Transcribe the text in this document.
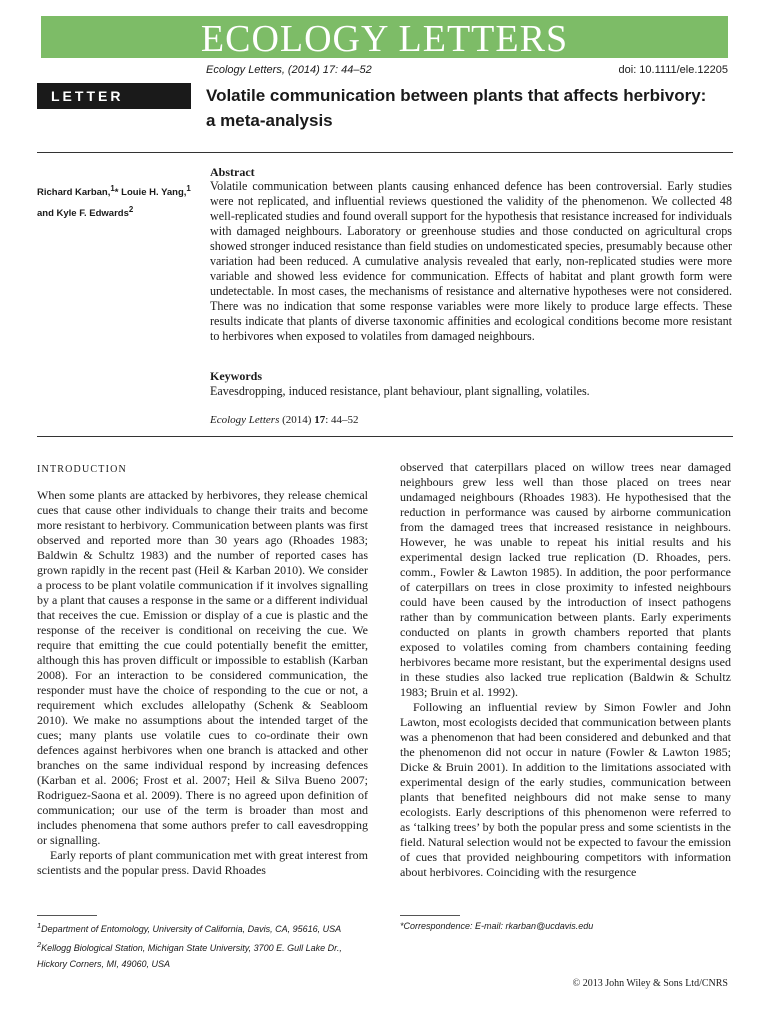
ECOLOGY LETTERS
Ecology Letters, (2014) 17: 44–52	doi: 10.1111/ele.12205
LETTER	Volatile communication between plants that affects herbivory:
a meta-analysis
Richard Karban,$^1$* Louie H. Yang,$^1$
and Kyle F. Edwards$^2$
Abstract
Volatile communication between plants causing enhanced defence has been controversial. Early studies were not replicated, and influential reviews questioned the validity of the phenomenon. We collected 48 well-replicated studies and found overall support for the hypothesis that resistance increased for individuals with damaged neighbours. Laboratory or greenhouse studies and those conducted on agricultural crops showed stronger induced resistance than field studies on undomesticated species, presumably because other variation had been reduced. A cumulative analysis revealed that early, non-replicated studies were more variable and showed less evidence for communication. Effects of habitat and plant growth form were undetectable. In most cases, the mechanisms of resistance and alternative hypotheses were not considered. There was no indication that some response variables were more likely to produce large effects. These results indicate that plants of diverse taxonomic affinities and ecological conditions become more resistant to herbivores when exposed to volatiles from damaged neighbours.
Keywords
Eavesdropping, induced resistance, plant behaviour, plant signalling, volatiles.
Ecology Letters (2014) 17: 44–52
INTRODUCTION

When some plants are attacked by herbivores, they release chemical cues that cause other individuals to change their traits and become more resistant to herbivory. Communication between plants was first observed and reported more than 30 years ago (Rhoades 1983; Baldwin & Schultz 1983) and the number of reported cases has grown rapidly in the recent past (Heil & Karban 2010). We consider a process to be plant volatile communication if it involves signalling by a plant that causes a response in the same or a different individual that receives the cue. Emission or display of a cue is plastic and the response of the receiver is conditional on receiving the cue. We require that emitting the cue could potentially benefit the emitter, although this has proven difficult or impossible to establish (Karban 2008). For an interaction to be considered communication, the responder must have the choice of responding to the cue or not, a requirement which excludes allelopathy (Schenk & Seabloom 2010). We make no assumptions about the intended target of the cues; many plants use volatile cues to co-ordinate their own defences against herbivores when one branch is attacked and other branches on the same individual respond by increasing defences (Karban et al. 2006; Frost et al. 2007; Heil & Silva Bueno 2007; Rodriguez-Saona et al. 2009). There is no agreed upon definition of communication; our use of the term is broader than most and includes phenomena that some authors prefer to call eavesdropping or signalling.

Early reports of plant communication met with great interest from scientists and the popular press. David Rhoades

observed that caterpillars placed on willow trees near damaged neighbours grew less well than those placed on trees near undamaged neighbours (Rhoades 1983). He hypothesised that the reduction in performance was caused by airborne communication from the damaged trees that increased resistance in neighbours. However, he was unable to repeat his initial results and his experimental design lacked true replication (D. Rhoades, pers. comm., Fowler & Lawton 1985). In addition, the poor performance of caterpillars on trees in close proximity to infested neighbours could have been caused by the introduction of insect pathogens rather than by communication between plants. Early experiments conducted on plants in growth chambers reported that plants exposed to volatiles coming from chambers containing feeding herbivores became more resistant, but the experimental designs used in these studies also lacked true replication (Baldwin & Schultz 1983; Bruin et al. 1992).

Following an influential review by Simon Fowler and John Lawton, most ecologists decided that communication between plants was a phenomenon that had been considered and debunked and that the phenomenon did not occur in nature (Fowler & Lawton 1985; Dicke & Bruin 2001). In addition to the limitations associated with experimental design of the early studies, communication between plants that benefited neighbours did not make sense to many ecologists. Early descriptions of this phenomenon were referred to as ‘talking trees’ by both the popular press and some scientists in the field. Natural selection would not be expected to favour the emission of cues that provided neighbouring competitors with information about herbivores. Coinciding with the resurgence

$^1$Department of Entomology, University of California, Davis, CA, 95616, USA
$^2$Kellogg Biological Station, Michigan State University, 3700 E. Gull Lake Dr.,
Hickory Corners, MI, 49060, USA
*Correspondence: E-mail: rkarban@ucdavis.edu
© 2013 John Wiley & Sons Ltd/CNRS
